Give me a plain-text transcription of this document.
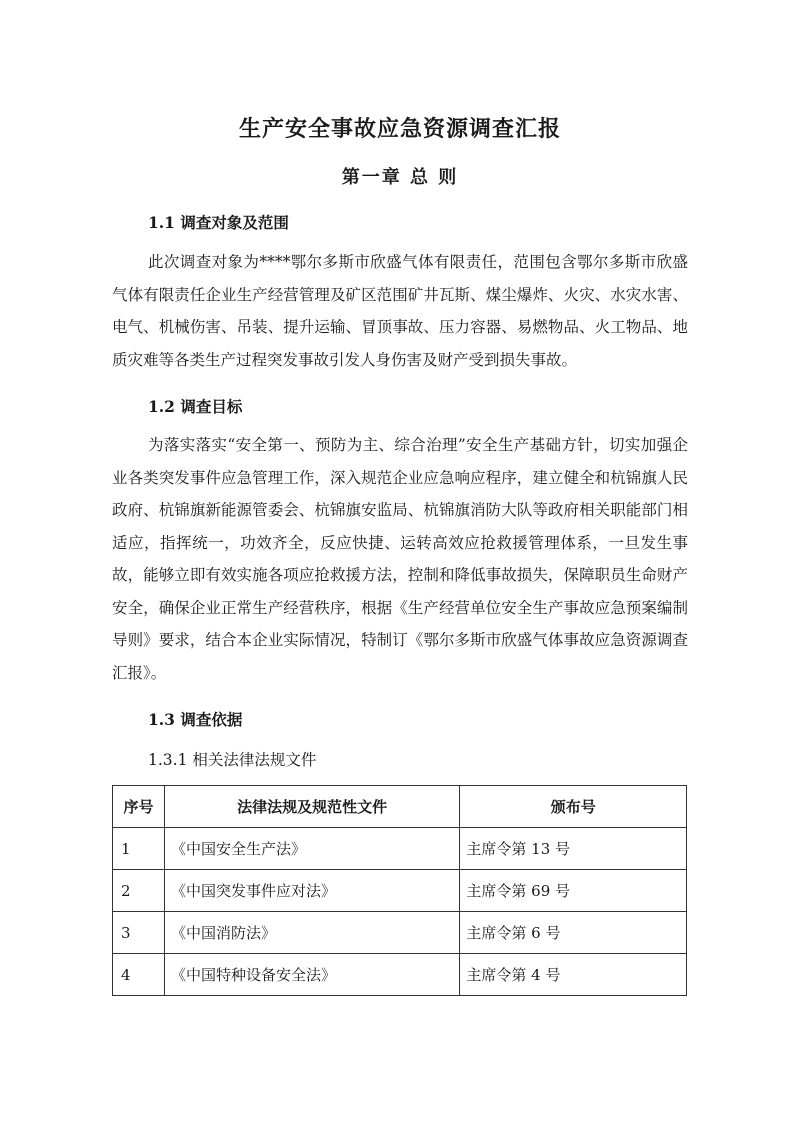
生产安全事故应急资源调查汇报
第一章 总 则
1.1 调查对象及范围
此次调查对象为****鄂尔多斯市欣盛气体有限责任，范围包含鄂尔多斯市欣盛气体有限责任企业生产经营管理及矿区范围矿井瓦斯、煤尘爆炸、火灾、水灾水害、电气、机械伤害、吊装、提升运输、冒顶事故、压力容器、易燃物品、火工物品、地质灾难等各类生产过程突发事故引发人身伤害及财产受到损失事故。
1.2 调查目标
为落实落实“安全第一、预防为主、综合治理”安全生产基础方针，切实加强企业各类突发事件应急管理工作，深入规范企业应急响应程序，建立健全和杭锦旗人民政府、杭锦旗新能源管委会、杭锦旗安监局、杭锦旗消防大队等政府相关职能部门相适应，指挥统一，功效齐全，反应快捷、运转高效应抢救援管理体系，一旦发生事故，能够立即有效实施各项应抢救援方法，控制和降低事故损失，保障职员生命财产安全，确保企业正常生产经营秩序，根据《生产经营单位安全生产事故应急预案编制导则》要求，结合本企业实际情况，特制订《鄂尔多斯市欣盛气体事故应急资源调查汇报》。
1.3 调查依据
1.3.1 相关法律法规文件
序号	法律法规及规范性文件	颁布号
1	《中国安全生产法》	主席令第 13 号
2	《中国突发事件应对法》	主席令第 69 号
3	《中国消防法》	主席令第 6 号
4	《中国特种设备安全法》	主席令第 4 号
